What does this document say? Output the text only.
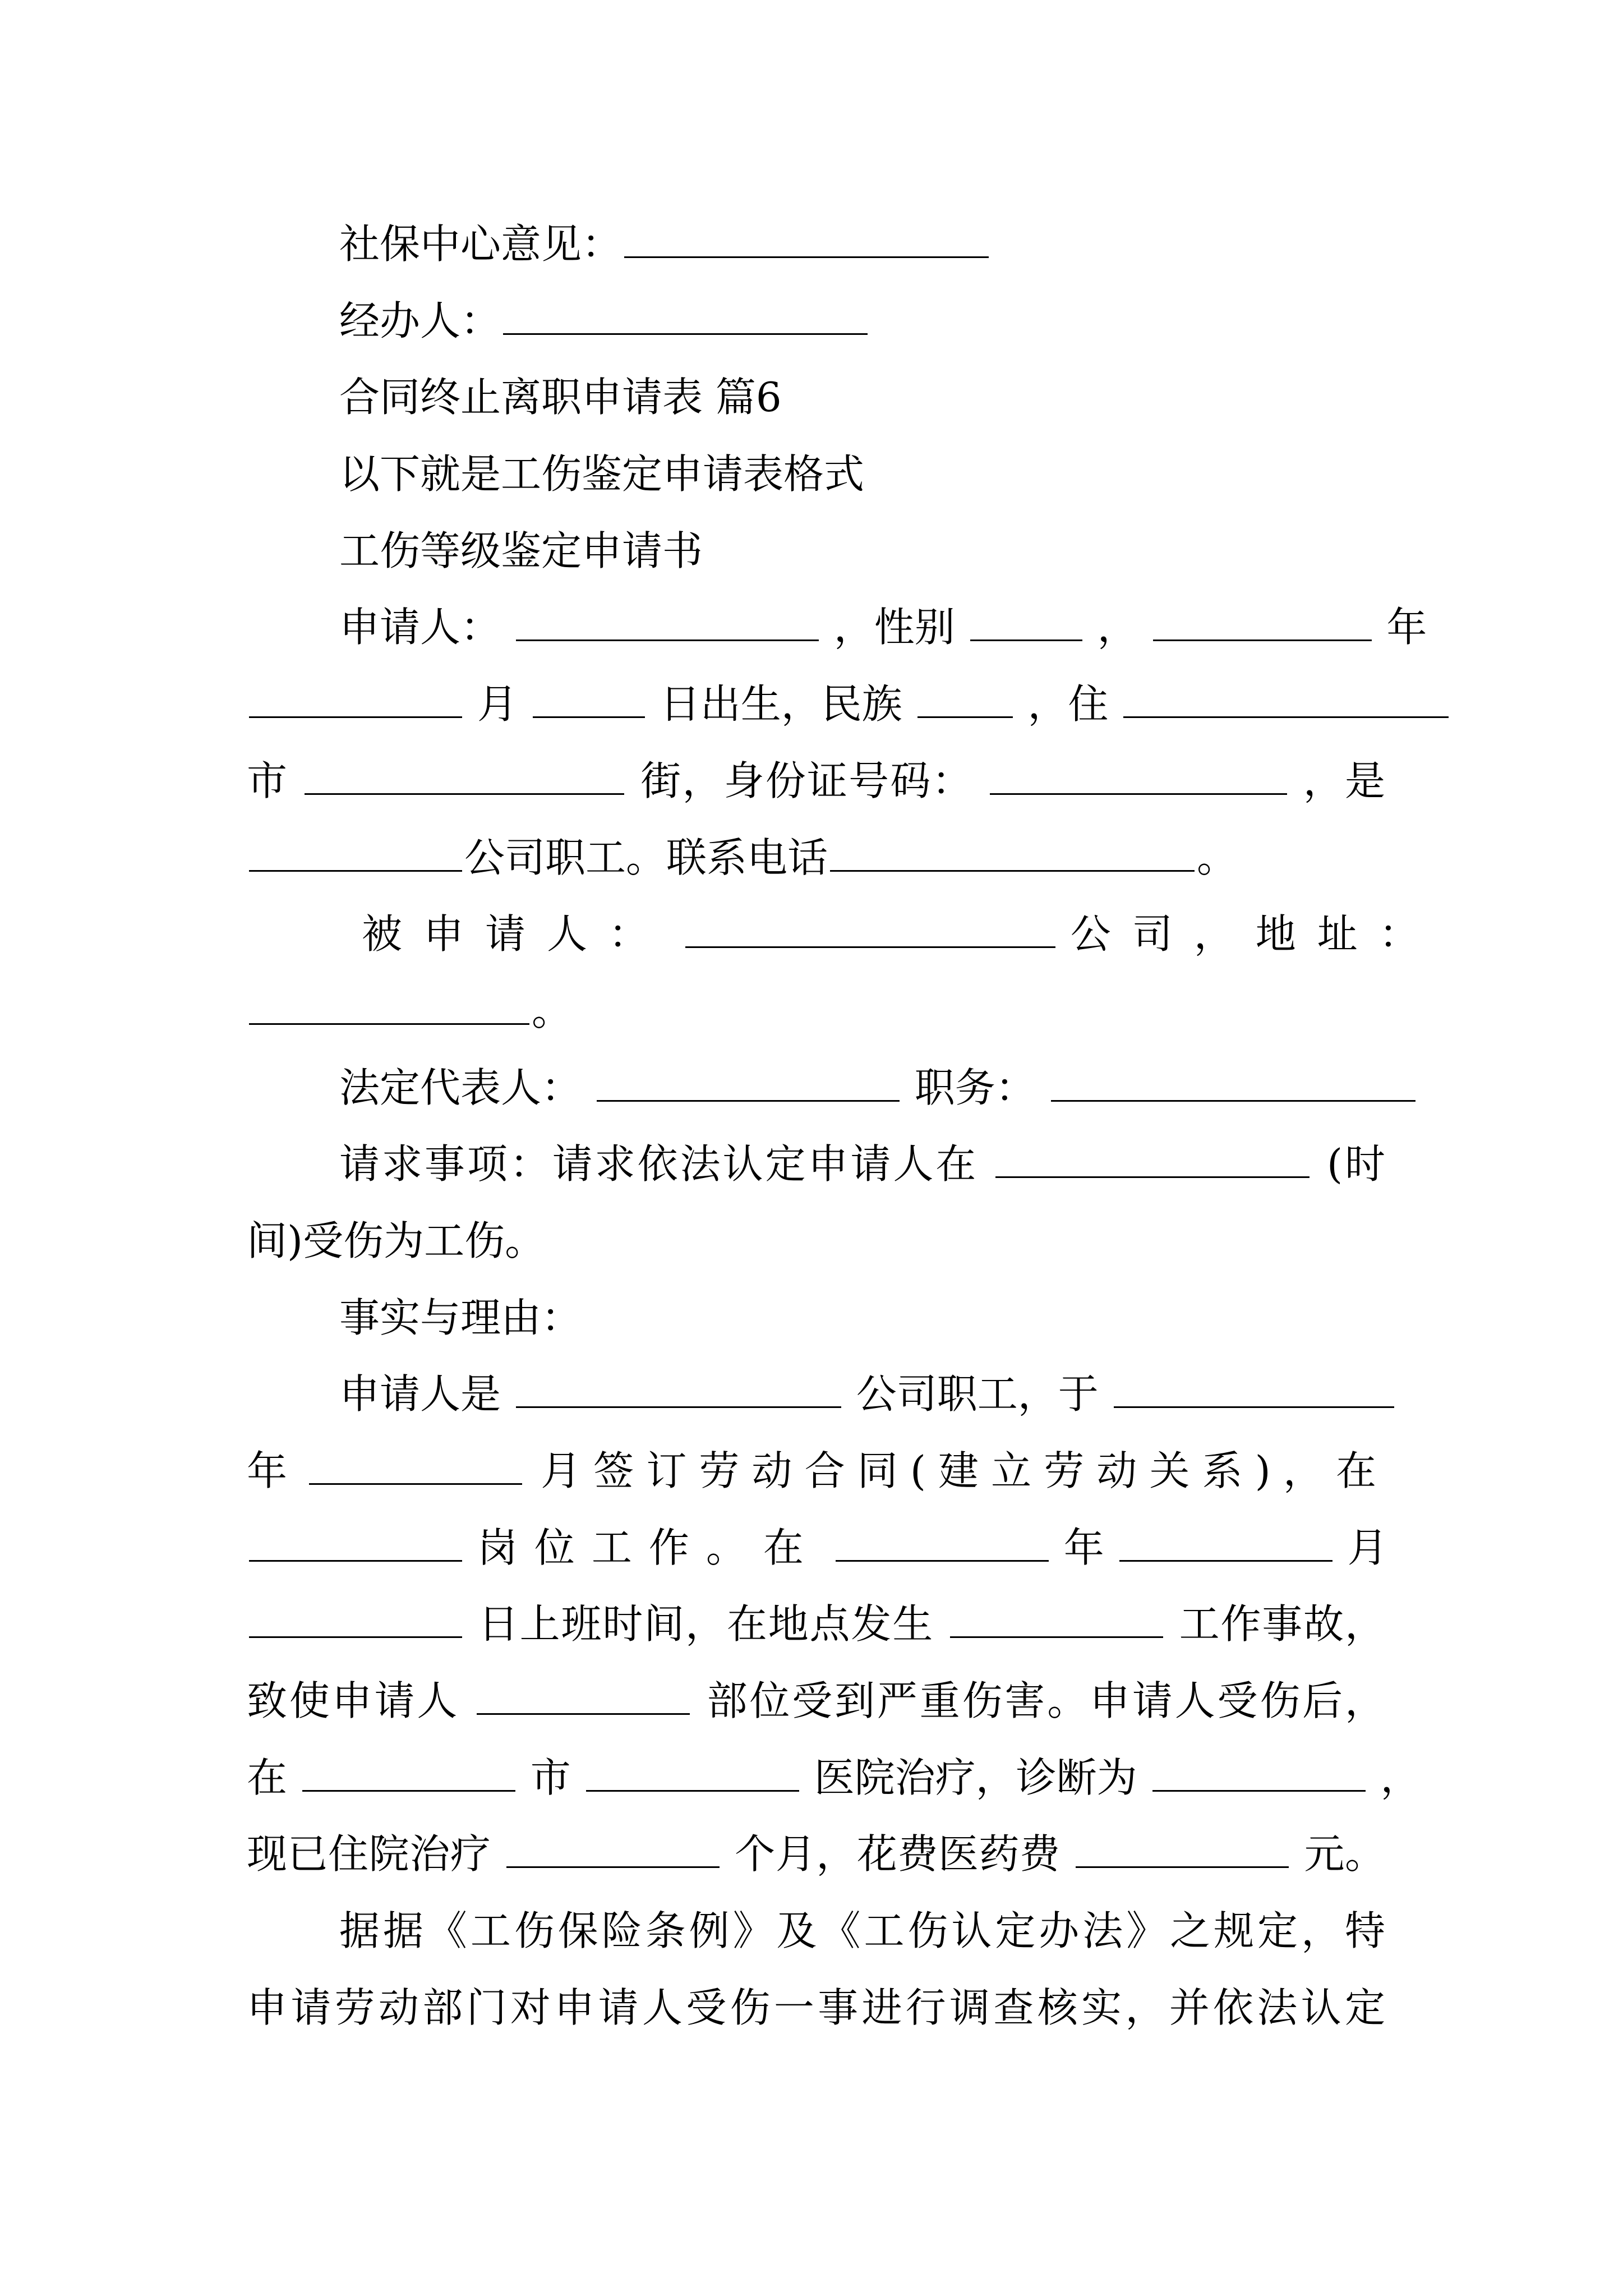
社保中心意见：
经办人：
合同终止离职申请表 篇6
以下就是工伤鉴定申请表格式
工伤等级鉴定申请书
申请人：	，性别	，	年
月	日出生，民族	，住
市	街，身份证号码：	，是
公司职工。联系电话	。
被申请人：	公司，地址：
。
法定代表人：	职务：
请求事项：请求依法认定申请人在	(时
间)受伤为工伤。
事实与理由：
申请人是	公司职工，于
年	月签订劳动合同(建立劳动关系)，在
岗位工作。在	年	月
日上班时间，在地点发生	工作事故，
致使申请人	部位受到严重伤害。申请人受伤后，
在	市	医院治疗，诊断为	，
现已住院治疗	个月，花费医药费	元。
据据《工伤保险条例》及《工伤认定办法》之规定，特
申请劳动部门对申请人受伤一事进行调查核实，并依法认定
